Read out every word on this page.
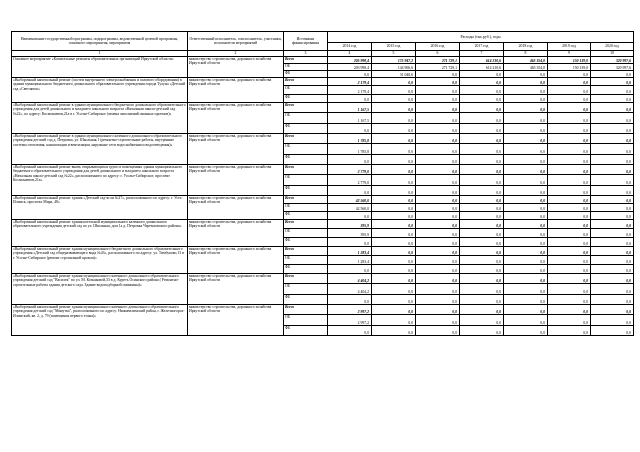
Наименование государственной программы, подпрограммы, ведомственной целевой программы, основного мероприятия, мероприятия	Ответственный исполнитель, соисполнитель, участники, исполнители мероприятий	Источники финансирования	Расходы (тыс.руб.), годы						
			2014 год	2015 год	2016 год	2017 год	2018 год	2019 год	2020 год
1	2	3	4	5	6	7	8	9	10
Основное мероприятие «Капитальные ремонты образовательных организаций Иркутской области»	министерство строительства, дорожного хозяйства Иркутской области	Всего	205 998,4	175 947,2	271 729,1	614 210,6	465 354,0	150 139,0	320 997,6
		ОБ	203 998,4	144 906,6	271 729,1	614 210,6	465 354,0	150 139,0	320 997,6
		ФБ	0,0	31 040,6	0,0	0,0	0,0	0,0	0,0
«Выборочный капитальный ремонт (систем внутреннего электроснабжения и силового оборудования) в здании муниципального бюджетного дошкольного образовательного учреждения города Тулуна «Детский сад «Светлячок»	министерство строительства, дорожного хозяйства Иркутской области	Всего	2 179,4	0,0	0,0	0,0	0,0	0,0	0,0
		ОБ	2 179,4	0,0	0,0	0,0	0,0	0,0	0,0
		ФБ	0,0	0,0	0,0	0,0	0,0	0,0	0,0
«Выборочный капитальный ремонт в здании муниципального бюджетного дошкольного образовательного учреждения для детей дошкольного и младшего школьного возраста «Начальная школа-детский сад №22», по адресу: Космонавтов,21а в г. Усолье-Сибирское (замена заполнений оконных проемов)»	министерство строительства, дорожного хозяйства Иркутской области	Всего	1 167,5	0,0	0,0	0,0	0,0	0,0	0,0
		ОБ	1 167,5	0,0	0,0	0,0	0,0	0,0	0,0
		ФБ	0,0	0,0	0,0	0,0	0,0	0,0	0,0
«Выборочный капитальный ремонт в здании муниципального казенного дошкольного образовательного учреждения детский сад д. Петровка, ул. Школьная,1 (ремонтно-строительные работы, внутренние системы отопления, канализации и вентиляции, наружные сети водоснабжения и водоотведения)»	министерство строительства, дорожного хозяйства Иркутской области	Всего	1 785,8	0,0	0,0	0,0	0,0	0,0	0,0
		ОБ	1 785,8	0,0	0,0	0,0	0,0	0,0	0,0
		ФБ	0,0	0,0	0,0	0,0	0,0	0,0	0,0
«Выборочный капитальный ремонт вновь открывающихся групп в помещениях здания муниципального бюджетного образовательного учреждения для детей дошкольного и младшего школьного возраста «Начальная школа-детский сад №22», расположенного по адресу: г. Усолье-Сибирское, проспект Космонавтов,21а»	министерство строительства, дорожного хозяйства Иркутской области	Всего	2 779,0	0,0	0,0	0,0	0,0	0,0	0,0
		ОБ	2 779,0	0,0	0,0	0,0	0,0	0,0	0,0
		ФБ	0,0	0,0	0,0	0,0	0,0	0,0	0,0
«Выборочный капитальный ремонт здания «Детский сад-ясли №27», расположенного по адресу: г. Усть-Илимск, проспект Мира, 48»	министерство строительства, дорожного хозяйства Иркутской области	Всего	42 560,0	0,0	0,0	0,0	0,0	0,0	0,0
		ОБ	42 560,0	0,0	0,0	0,0	0,0	0,0	0,0
		ФБ	0,0	0,0	0,0	0,0	0,0	0,0	0,0
«Выборочный капитальный ремонт здания котельной муниципального казенного дошкольного образовательного учреждения детский сад по ул. Школьная, дом 1а д. Петровка Черемховского района»	министерство строительства, дорожного хозяйства Иркутской области	Всего	395,9	0,0	0,0	0,0	0,0	0,0	0,0
		ОБ	395,9	0,0	0,0	0,0	0,0	0,0	0,0
		ФБ	0,0	0,0	0,0	0,0	0,0	0,0	0,0
«Выборочный капитальный ремонт здания муниципального бюджетного дошкольного образовательного учреждения «Детский сад общеразвивающего вида №43», расположенного по адресу: ул. Тимбуково,13 в г. Усолье-Сибирское (ремонт стропильной кровли)»	министерство строительства, дорожного хозяйства Иркутской области	Всего	1 283,4	0,0	0,0	0,0	0,0	0,0	0,0
		ОБ	1 283,4	0,0	0,0	0,0	0,0	0,0	0,0
		ФБ	0,0	0,0	0,0	0,0	0,0	0,0	0,0
«Выборочный капитальный ремонт здания муниципального казенного дошкольного образовательного учреждения детский сад "Василек" по ул. М. Козьяковой,33 в д. Куреть Осинского района ( Ремонтно-строительные работы здания детского сада. Здание водоподборной скважины)»	министерство строительства, дорожного хозяйства Иркутской области	Всего	4 404,2	0,0	0,0	0,0	0,0	0,0	0,0
		ОБ	4 404,2	0,0	0,0	0,0	0,0	0,0	0,0
		ФБ	0,0	0,0	0,0	0,0	0,0	0,0	0,0
«Выборочный капитальный ремонт здания муниципального казенного дошкольного образовательного учреждения детский сад "Минутка", расположенного по адресу: Нижнеилимский район, г. Железногорск-Илимский, кв. 2, д. 79 (помещения первого этажа)»	министерство строительства, дорожного хозяйства Иркутской области	Всего	2 997,2	0,0	0,0	0,0	0,0	0,0	0,0
		ОБ	2 997,2	0,0	0,0	0,0	0,0	0,0	0,0
		ФБ	0,0	0,0	0,0	0,0	0,0	0,0	0,0
